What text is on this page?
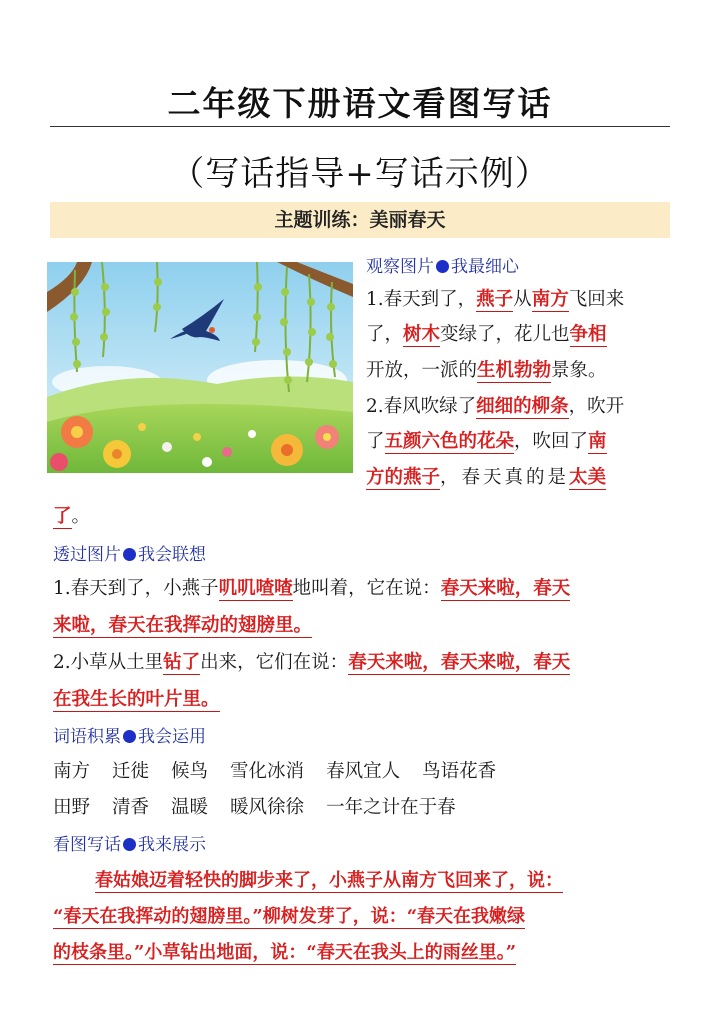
二年级下册语文看图写话
（写话指导+写话示例）
主题训练：美丽春天
观察图片 我最细心
1.春天到了，燕子从南方飞回来
了，树木变绿了，花儿也争相
开放，一派的生机勃勃景象。
2.春风吹绿了细细的柳条，吹开
了五颜六色的花朵，吹回了南
方的燕子，春天真的是太美
了。
透过图片 我会联想
1.春天到了，小燕子叽叽喳喳地叫着，它在说：春天来啦，春天
来啦，春天在我挥动的翅膀里。
2.小草从土里钻了出来，它们在说：春天来啦，春天来啦，春天
在我生长的叶片里。
词语积累 我会运用
南方 迁徙 候鸟 雪化冰消 春风宜人 鸟语花香
田野 清香 温暖 暖风徐徐 一年之计在于春
看图写话 我来展示
春姑娘迈着轻快的脚步来了，小燕子从南方飞回来了，说：
“春天在我挥动的翅膀里。”柳树发芽了，说：“春天在我嫩绿
的枝条里。”小草钻出地面，说：“春天在我头上的雨丝里。”
